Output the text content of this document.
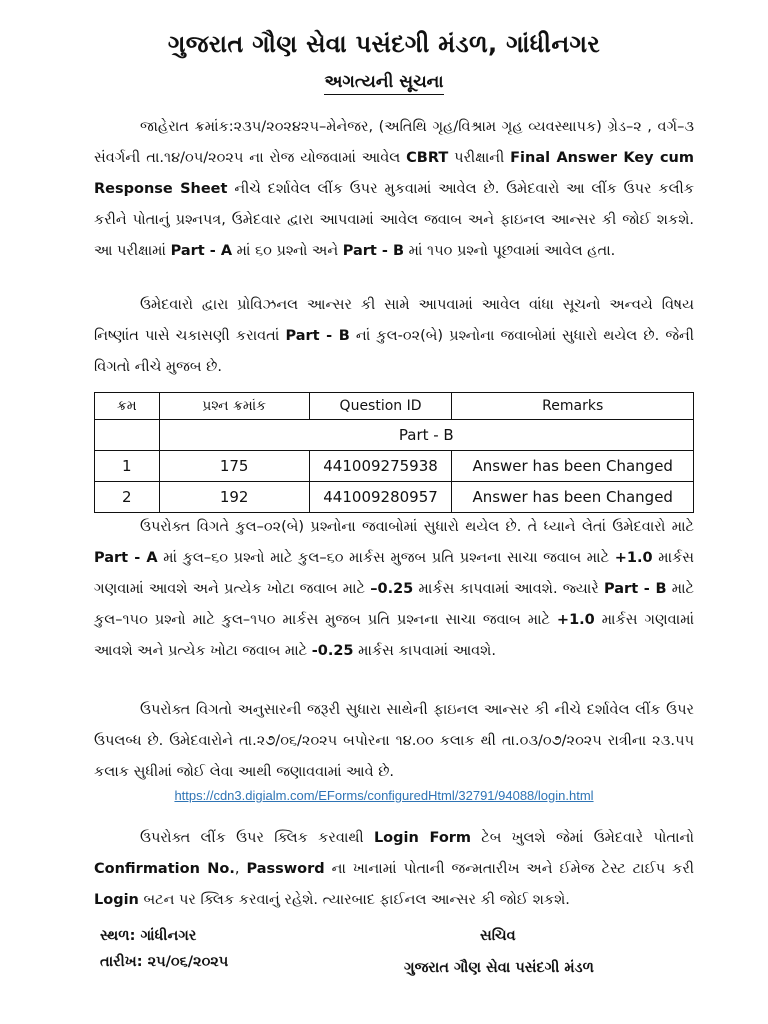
ગુજરાત ગૌણ સેવા પસંદગી મંડળ, ગાંધીનગર
અગત્યની સૂચના
જાહેરાત ક્રમાંક:૨૩૫/૨૦૨૪૨૫–મેનેજર, (અતિથિ ગૃહ/વિશ્રામ ગૃહ વ્યવસ્થાપક) ગ્રેડ–૨ , વર્ગ–૩ સંવર્ગની તા.૧૪/૦૫/૨૦૨૫ ના રોજ યોજવામાં આવેલ CBRT પરીક્ષાની Final Answer Key cum Response Sheet નીચે દર્શાવેલ લીંક ઉપર મુકવામાં આવેલ છે. ઉમેદવારો આ લીંક ઉપર કલીક કરીને પોતાનું પ્રશ્નપત્ર, ઉમેદવાર દ્વારા આપવામાં આવેલ જવાબ અને ફાઇનલ આન્સર કી જોઈ શકશે. આ પરીક્ષામાં Part - A માં ૬૦ પ્રશ્નો અને Part - B માં ૧૫૦ પ્રશ્નો પૂછવામાં આવેલ હતા.
ઉમેદવારો દ્વારા પ્રોવિઝનલ આન્સર કી સામે આપવામાં આવેલ વાંધા સૂચનો અન્વયે વિષય નિષ્ણાંત પાસે ચકાસણી કરાવતાં Part - B નાં કુલ-૦૨(બે) પ્રશ્નોના જવાબોમાં સુધારો થયેલ છે. જેની વિગતો નીચે મુજબ છે.
ક્રમ	પ્રશ્ન ક્રમાંક	Question ID	Remarks
	Part - B		
1	175	441009275938	Answer has been Changed
2	192	441009280957	Answer has been Changed
ઉપરોક્ત વિગતે કુલ–૦૨(બે) પ્રશ્નોના જવાબોમાં સુધારો થયેલ છે. તે ધ્યાને લેતાં ઉમેદવારો માટે Part - A માં કુલ–૬૦ પ્રશ્નો માટે કુલ–૬૦ માર્કસ મુજબ પ્રતિ પ્રશ્નના સાચા જવાબ માટે +1.0 માર્કસ ગણવામાં આવશે અને પ્રત્યેક ખોટા જવાબ માટે –0.25 માર્કસ કાપવામાં આવશે. જ્યારે Part - B માટે કુલ–૧૫૦ પ્રશ્નો માટે કુલ–૧૫૦ માર્કસ મુજબ પ્રતિ પ્રશ્નના સાચા જવાબ માટે +1.0 માર્કસ ગણવામાં આવશે અને પ્રત્યેક ખોટા જવાબ માટે -0.25 માર્કસ કાપવામાં આવશે.
ઉપરોક્ત વિગતો અનુસારની જરૂરી સુધારા સાથેની ફાઇનલ આન્સર કી નીચે દર્શાવેલ લીંક ઉપર ઉપલબ્ધ છે. ઉમેદવારોને તા.૨૭/૦૬/૨૦૨૫ બપોરના ૧૪.૦૦ કલાક થી તા.૦૩/૦૭/૨૦૨૫ રાત્રીના ૨૩.૫૫ કલાક સુધીમાં જોઈ લેવા આથી જણાવવામાં આવે છે.
https://cdn3.digialm.com/EForms/configuredHtml/32791/94088/login.html
ઉપરોક્ત લીંક ઉપર ક્લિક કરવાથી Login Form ટેબ ખુલશે જેમાં ઉમેદવારે પોતાનો Confirmation No., Password ના ખાનામાં પોતાની જન્મતારીખ અને ઈમેજ ટેસ્ટ ટાઈપ કરી Login બટન પર ક્લિક કરવાનું રહેશે. ત્યારબાદ ફાઈનલ આન્સર કી જોઈ શકશે.
સ્થળ: ગાંધીનગર
તારીખ: ૨૫/૦૬/૨૦૨૫
સચિવ
ગુજરાત ગૌણ સેવા પસંદગી મંડળ
